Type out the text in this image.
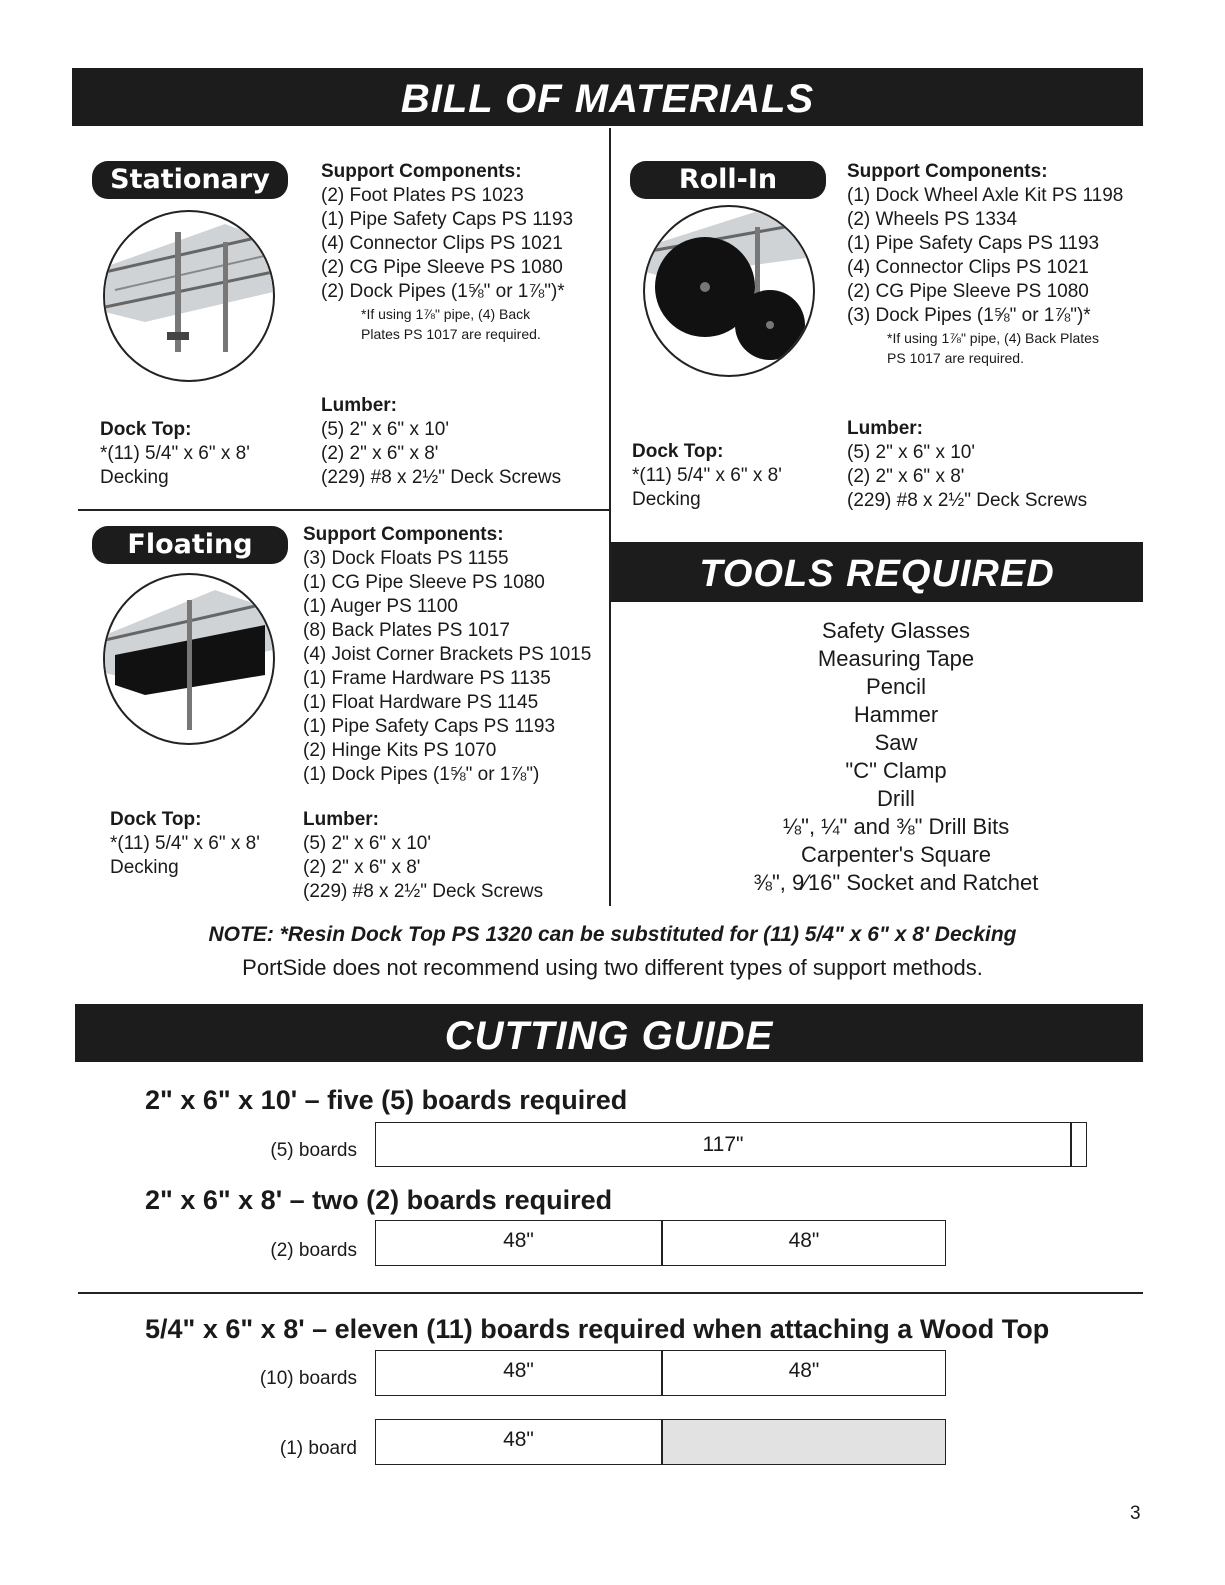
BILL OF MATERIALS
Stationary	Support Components:
(2) Foot Plates PS 1023
(1) Pipe Safety Caps PS 1193
(4) Connector Clips PS 1021
(2) CG Pipe Sleeve PS 1080
(2) Dock Pipes (1⅝" or 1⅞")*
*If using 1⅞" pipe, (4) Back
Plates PS 1017 are required.
Lumber:
(5) 2" x 6" x 10'
(2) 2" x 6" x 8'
(229) #8 x 2½" Deck Screws
Dock Top:
*(11) 5/4" x 6" x 8'
Decking
Roll-In	Support Components:
(1) Dock Wheel Axle Kit PS 1198
(2) Wheels PS 1334
(1) Pipe Safety Caps PS 1193
(4) Connector Clips PS 1021
(2) CG Pipe Sleeve PS 1080
(3) Dock Pipes (1⅝" or 1⅞")*
*If using 1⅞" pipe, (4) Back Plates
PS 1017 are required.
Lumber:
(5) 2" x 6" x 10'
(2) 2" x 6" x 8'
(229) #8 x 2½" Deck Screws
Dock Top:
*(11) 5/4" x 6" x 8'
Decking
Floating	Support Components:
(3) Dock Floats PS 1155
(1) CG Pipe Sleeve PS 1080
(1) Auger PS 1100
(8) Back Plates PS 1017
(4) Joist Corner Brackets PS 1015
(1) Frame Hardware PS 1135
(1) Float Hardware PS 1145
(1) Pipe Safety Caps PS 1193
(2) Hinge Kits PS 1070
(1) Dock Pipes (1⅝" or 1⅞")
Lumber:
(5) 2" x 6" x 10'
(2) 2" x 6" x 8'
(229) #8 x 2½" Deck Screws
Dock Top:
*(11) 5/4" x 6" x 8'
Decking
TOOLS REQUIRED
Safety Glasses
Measuring Tape
Pencil
Hammer
Saw
"C" Clamp
Drill
⅛", ¼" and ⅜" Drill Bits
Carpenter's Square
⅜", 9⁄16" Socket and Ratchet
NOTE: *Resin Dock Top PS 1320 can be substituted for (11) 5/4" x 6" x 8' Decking
PortSide does not recommend using two different types of support methods.
CUTTING GUIDE
2" x 6" x 10' – five (5) boards required
(5) boards	117"
2" x 6" x 8' – two (2) boards required
(2) boards	48"	48"
5/4" x 6" x 8' – eleven (11) boards required when attaching a Wood Top
(10) boards	48"	48"
(1) board	48"
3
